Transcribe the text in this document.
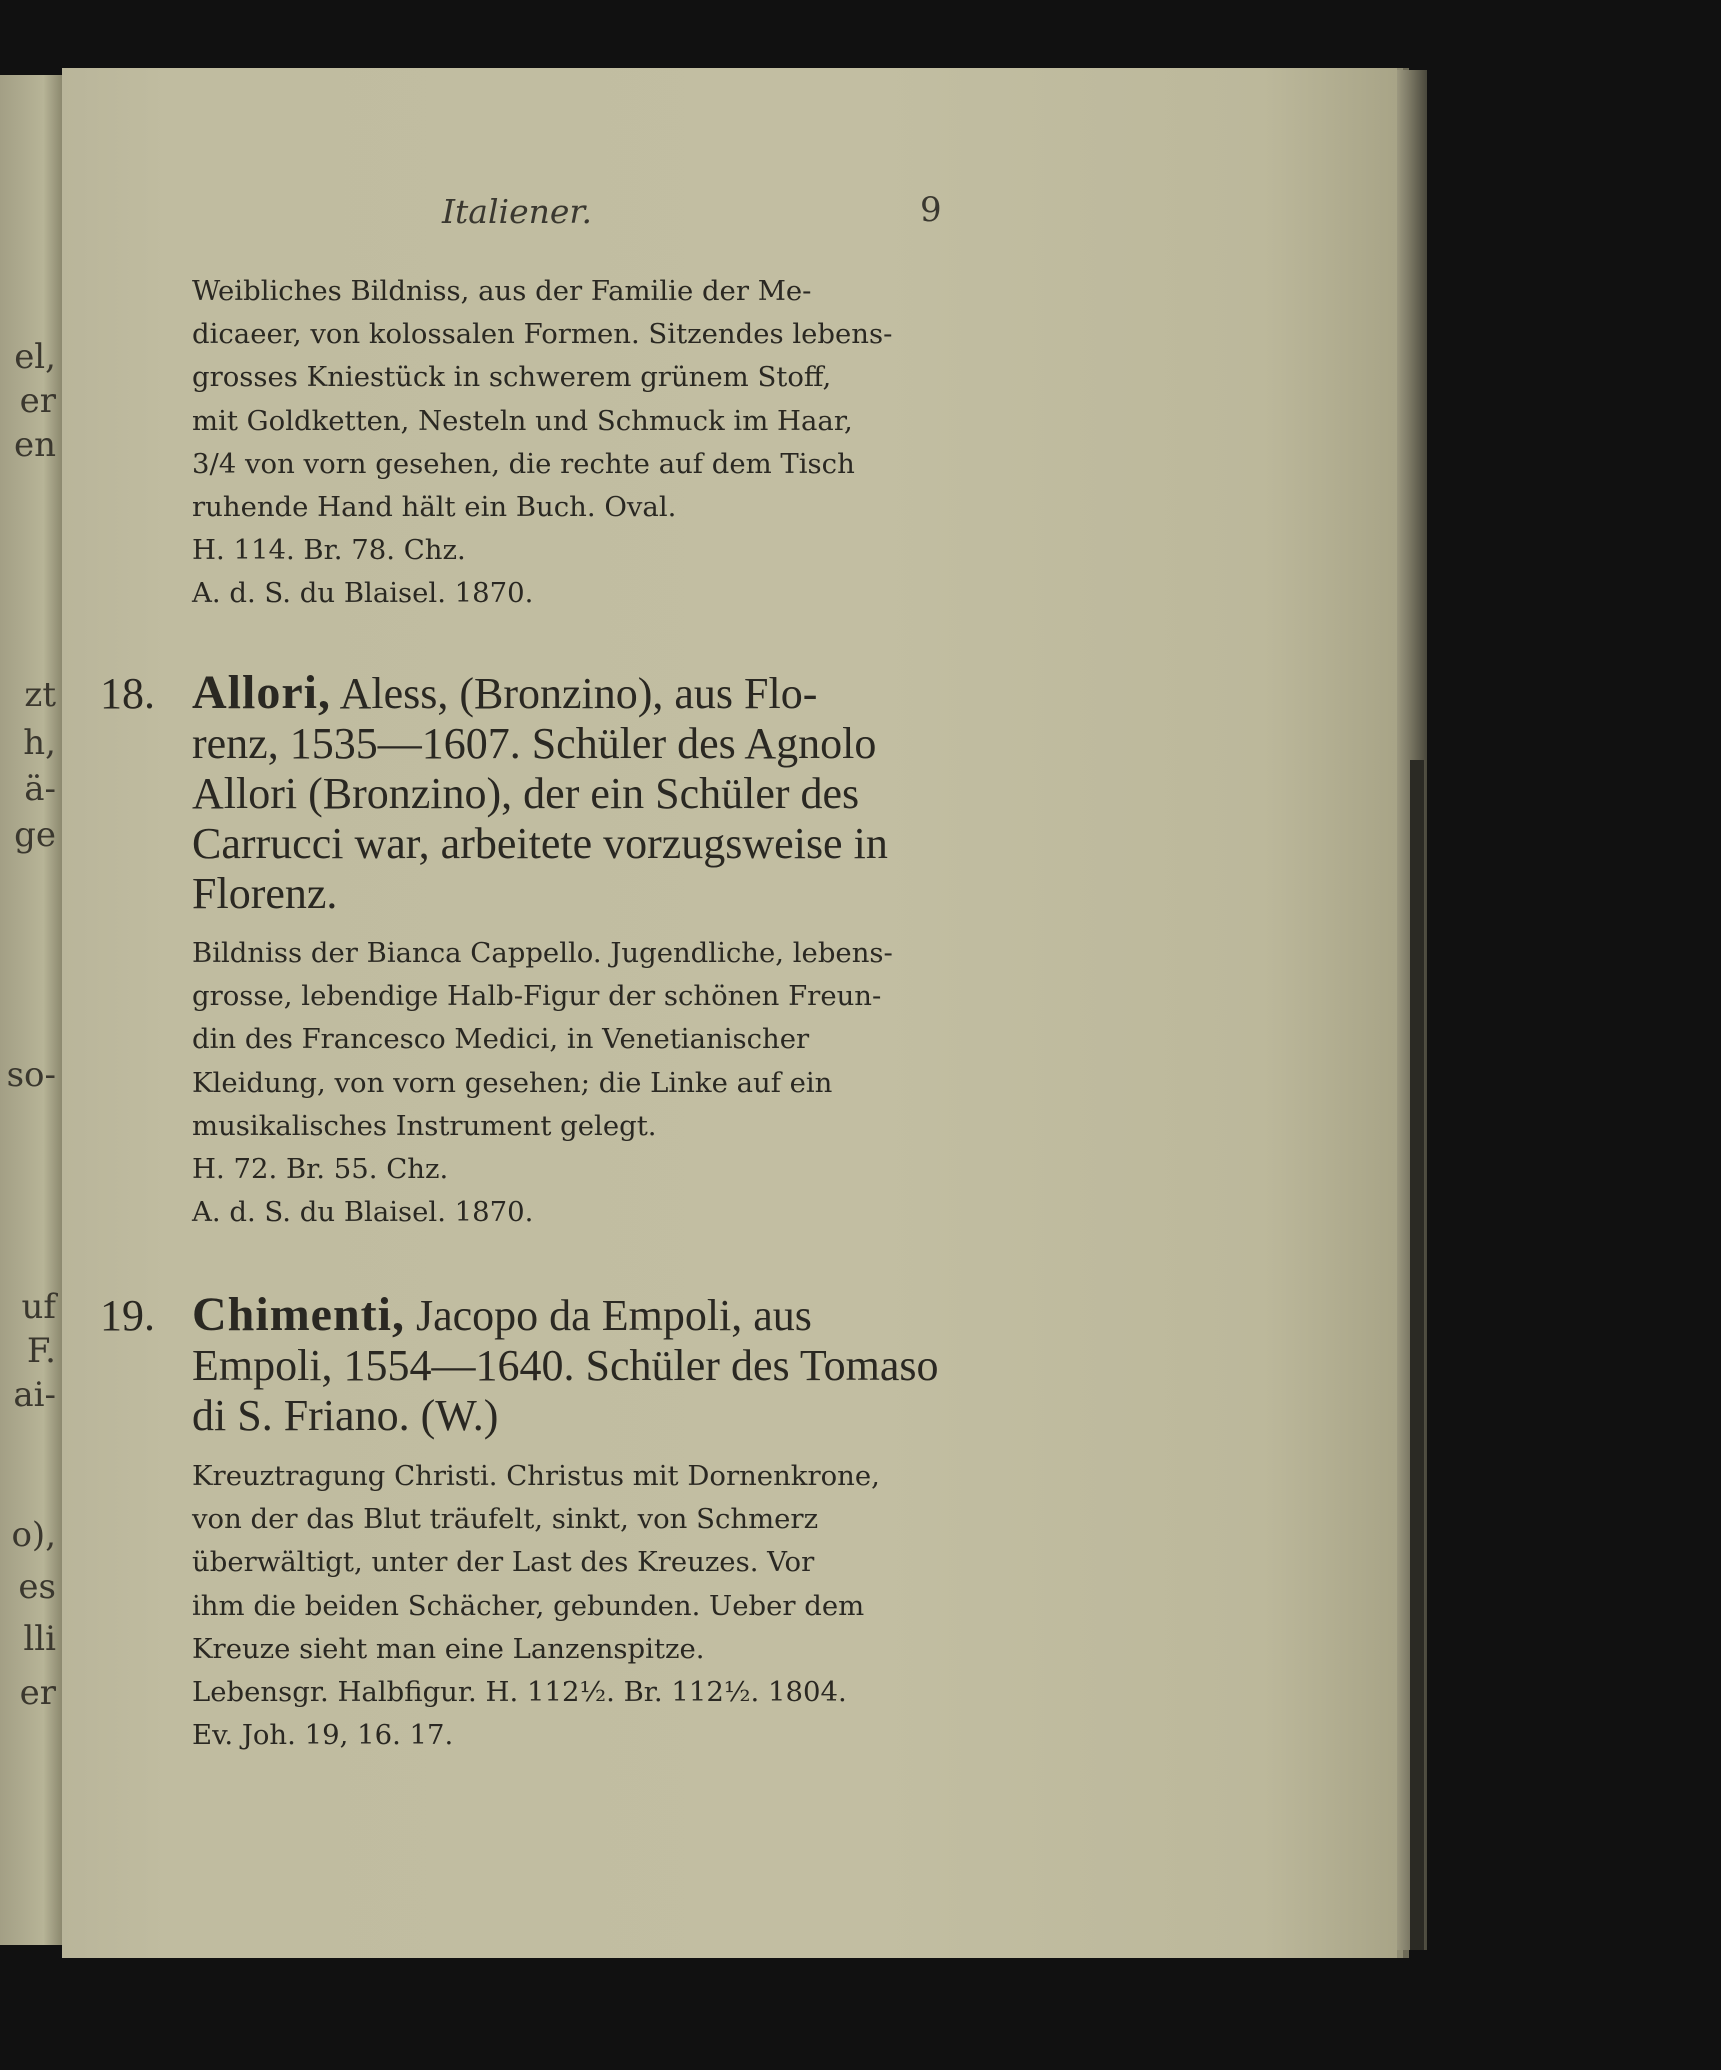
el,
er
en
zt
h,
ä-
ge
so-
uf
F.
ai-
o),
es
lli
er
Italiener.	9
Weibliches Bildniss, aus der Familie der Me-
dicaeer, von kolossalen Formen. Sitzendes lebens-
grosses Kniestück in schwerem grünem Stoff,
mit Goldketten, Nesteln und Schmuck im Haar,
3/4 von vorn gesehen, die rechte auf dem Tisch
ruhende Hand hält ein Buch. Oval.
H. 114. Br. 78. Chz.
A. d. S. du Blaisel. 1870.
18. Allori, Aless, (Bronzino), aus Flo-
renz, 1535—1607. Schüler des Agnolo
Allori (Bronzino), der ein Schüler des
Carrucci war, arbeitete vorzugsweise in
Florenz.
Bildniss der Bianca Cappello. Jugendliche, lebens-
grosse, lebendige Halb-Figur der schönen Freun-
din des Francesco Medici, in Venetianischer
Kleidung, von vorn gesehen; die Linke auf ein
musikalisches Instrument gelegt.
H. 72. Br. 55. Chz.
A. d. S. du Blaisel. 1870.
19. Chimenti, Jacopo da Empoli, aus
Empoli, 1554—1640. Schüler des Tomaso
di S. Friano. (W.)
Kreuztragung Christi. Christus mit Dornenkrone,
von der das Blut träufelt, sinkt, von Schmerz
überwältigt, unter der Last des Kreuzes. Vor
ihm die beiden Schächer, gebunden. Ueber dem
Kreuze sieht man eine Lanzenspitze.
Lebensgr. Halbfigur. H. 112½. Br. 112½. 1804.
Ev. Joh. 19, 16. 17.
